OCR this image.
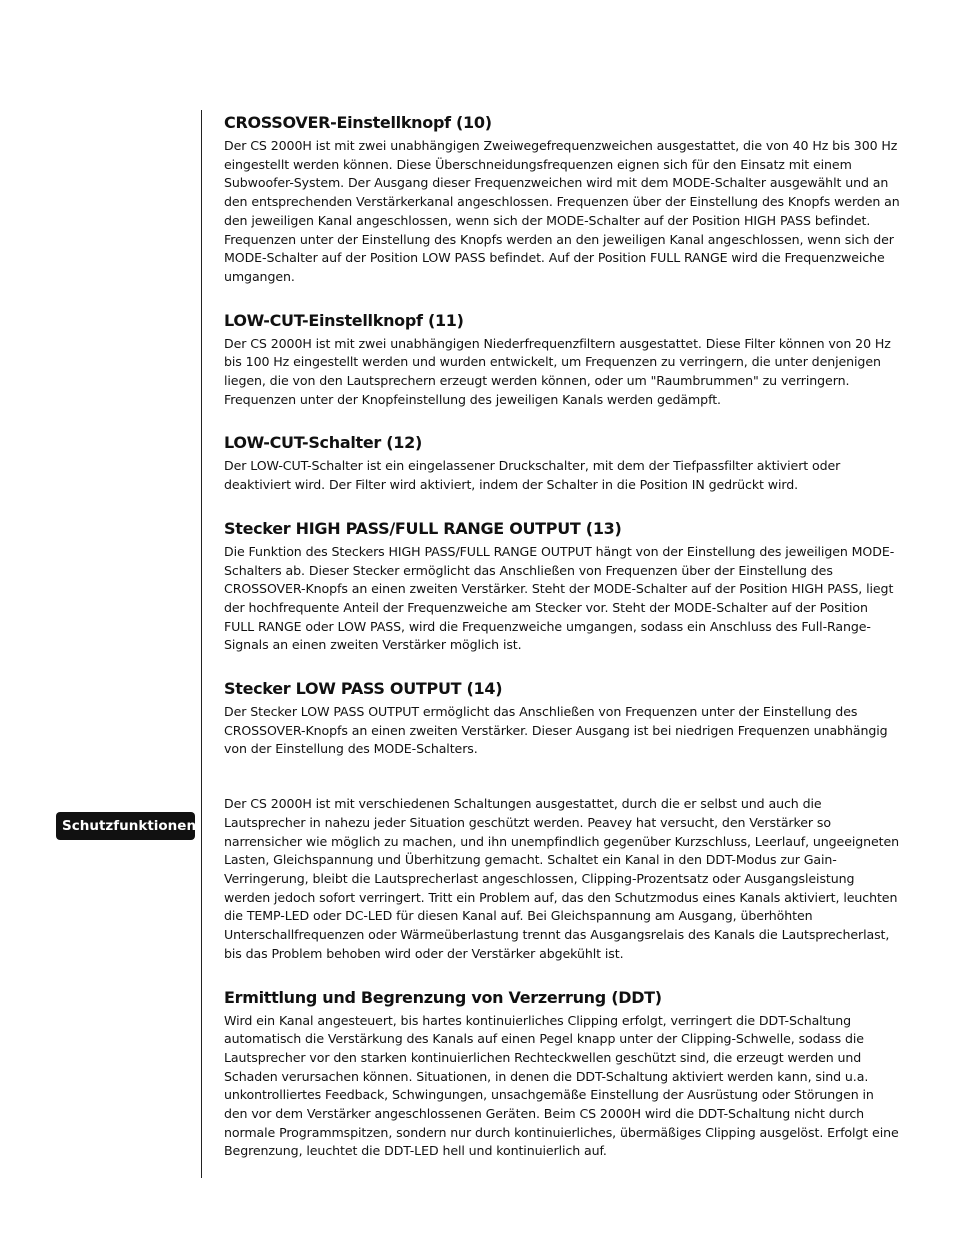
Schutzfunktionen
CROSSOVER-Einstellknopf (10)

Der CS 2000H ist mit zwei unabhängigen Zweiwegefrequenzweichen ausgestattet, die von 40 Hz bis 300 Hz eingestellt werden können. Diese Überschneidungsfrequenzen eignen sich für den Einsatz mit einem Subwoofer-System. Der Ausgang dieser Frequenzweichen wird mit dem MODE-Schalter ausgewählt und an den entsprechenden Verstärkerkanal angeschlossen. Frequenzen über der Einstellung des Knopfs werden an den jeweiligen Kanal angeschlossen, wenn sich der MODE-Schalter auf der Position HIGH PASS befindet. Frequenzen unter der Einstellung des Knopfs werden an den jeweiligen Kanal angeschlossen, wenn sich der MODE-Schalter auf der Position LOW PASS befindet. Auf der Position FULL RANGE wird die Frequenzweiche umgangen.

LOW-CUT-Einstellknopf (11)

Der CS 2000H ist mit zwei unabhängigen Niederfrequenzfiltern ausgestattet. Diese Filter können von 20 Hz bis 100 Hz eingestellt werden und wurden entwickelt, um Frequenzen zu verringern, die unter denjenigen liegen, die von den Lautsprechern erzeugt werden können, oder um "Raumbrummen" zu verringern. Frequenzen unter der Knopfeinstellung des jeweiligen Kanals werden gedämpft.

LOW-CUT-Schalter (12)

Der LOW-CUT-Schalter ist ein eingelassener Druckschalter, mit dem der Tiefpassfilter aktiviert oder deaktiviert wird. Der Filter wird aktiviert, indem der Schalter in die Position IN gedrückt wird.

Stecker HIGH PASS/FULL RANGE OUTPUT (13)

Die Funktion des Steckers HIGH PASS/FULL RANGE OUTPUT hängt von der Einstellung des jeweiligen MODE-Schalters ab. Dieser Stecker ermöglicht das Anschließen von Frequenzen über der Einstellung des CROSSOVER-Knopfs an einen zweiten Verstärker. Steht der MODE-Schalter auf der Position HIGH PASS, liegt der hochfrequente Anteil der Frequenzweiche am Stecker vor. Steht der MODE-Schalter auf der Position FULL RANGE oder LOW PASS, wird die Frequenzweiche umgangen, sodass ein Anschluss des Full-Range-Signals an einen zweiten Verstärker möglich ist.

Stecker LOW PASS OUTPUT (14)

Der Stecker LOW PASS OUTPUT ermöglicht das Anschließen von Frequenzen unter der Einstellung des CROSSOVER-Knopfs an einen zweiten Verstärker. Dieser Ausgang ist bei niedrigen Frequenzen unabhängig von der Einstellung des MODE-Schalters.

Der CS 2000H ist mit verschiedenen Schaltungen ausgestattet, durch die er selbst und auch die Lautsprecher in nahezu jeder Situation geschützt werden. Peavey hat versucht, den Verstärker so narrensicher wie möglich zu machen, und ihn unempfindlich gegenüber Kurzschluss, Leerlauf, ungeeigneten Lasten, Gleichspannung und Überhitzung gemacht. Schaltet ein Kanal in den DDT-Modus zur Gain-Verringerung, bleibt die Lautsprecherlast angeschlossen, Clipping-Prozentsatz oder Ausgangsleistung werden jedoch sofort verringert. Tritt ein Problem auf, das den Schutzmodus eines Kanals aktiviert, leuchten die TEMP-LED oder DC-LED für diesen Kanal auf. Bei Gleichspannung am Ausgang, überhöhten Unterschallfrequenzen oder Wärmeüberlastung trennt das Ausgangsrelais des Kanals die Lautsprecherlast, bis das Problem behoben wird oder der Verstärker abgekühlt ist.

Ermittlung und Begrenzung von Verzerrung (DDT)

Wird ein Kanal angesteuert, bis hartes kontinuierliches Clipping erfolgt, verringert die DDT-Schaltung automatisch die Verstärkung des Kanals auf einen Pegel knapp unter der Clipping-Schwelle, sodass die Lautsprecher vor den starken kontinuierlichen Rechteckwellen geschützt sind, die erzeugt werden und Schaden verursachen können. Situationen, in denen die DDT-Schaltung aktiviert werden kann, sind u.a. unkontrolliertes Feedback, Schwingungen, unsachgemäße Einstellung der Ausrüstung oder Störungen in den vor dem Verstärker angeschlossenen Geräten. Beim CS 2000H wird die DDT-Schaltung nicht durch normale Programmspitzen, sondern nur durch kontinuierliches, übermäßiges Clipping ausgelöst. Erfolgt eine Begrenzung, leuchtet die DDT-LED hell und kontinuierlich auf.
